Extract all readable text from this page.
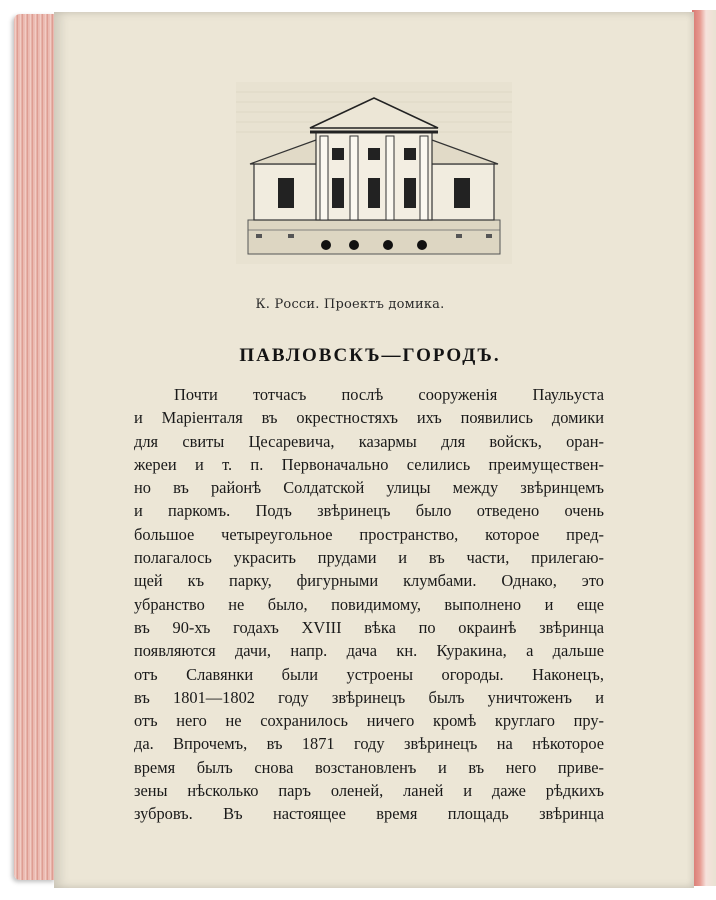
К. Росси. Проектъ домика.
ПАВЛОВСКЪ—ГОРОДЪ.
Почти тотчасъ послѣ сооруженія Паульуста
и Марiенталя въ окрестностяхъ ихъ появились домики
для свиты Цесаревича, казармы для войскъ, оран-
жереи и т. п. Первоначально селились преимуществен-
но въ районѣ Солдатской улицы между звѣринцемъ
и паркомъ. Подъ звѣринецъ было отведено очень
большое четыреугольное пространство, которое пред-
полагалось украсить прудами и въ части, прилегаю-
щей къ парку, фигурными клумбами. Однако, это
убранство не было, повидимому, выполнено и еще
въ 90-хъ годахъ XVIII вѣка по окраинѣ звѣринца
появляются дачи, напр. дача кн. Куракина, а дальше
отъ Славянки были устроены огороды. Наконецъ,
въ 1801—1802 году звѣринецъ былъ уничтоженъ и
отъ него не сохранилось ничего кромѣ круглаго пру-
да. Впрочемъ, въ 1871 году звѣринецъ на нѣкоторое
время былъ снова возстановленъ и въ него приве-
зены нѣсколько паръ оленей, ланей и даже рѣдкихъ
зубровъ. Въ настоящее время площадь звѣринца
